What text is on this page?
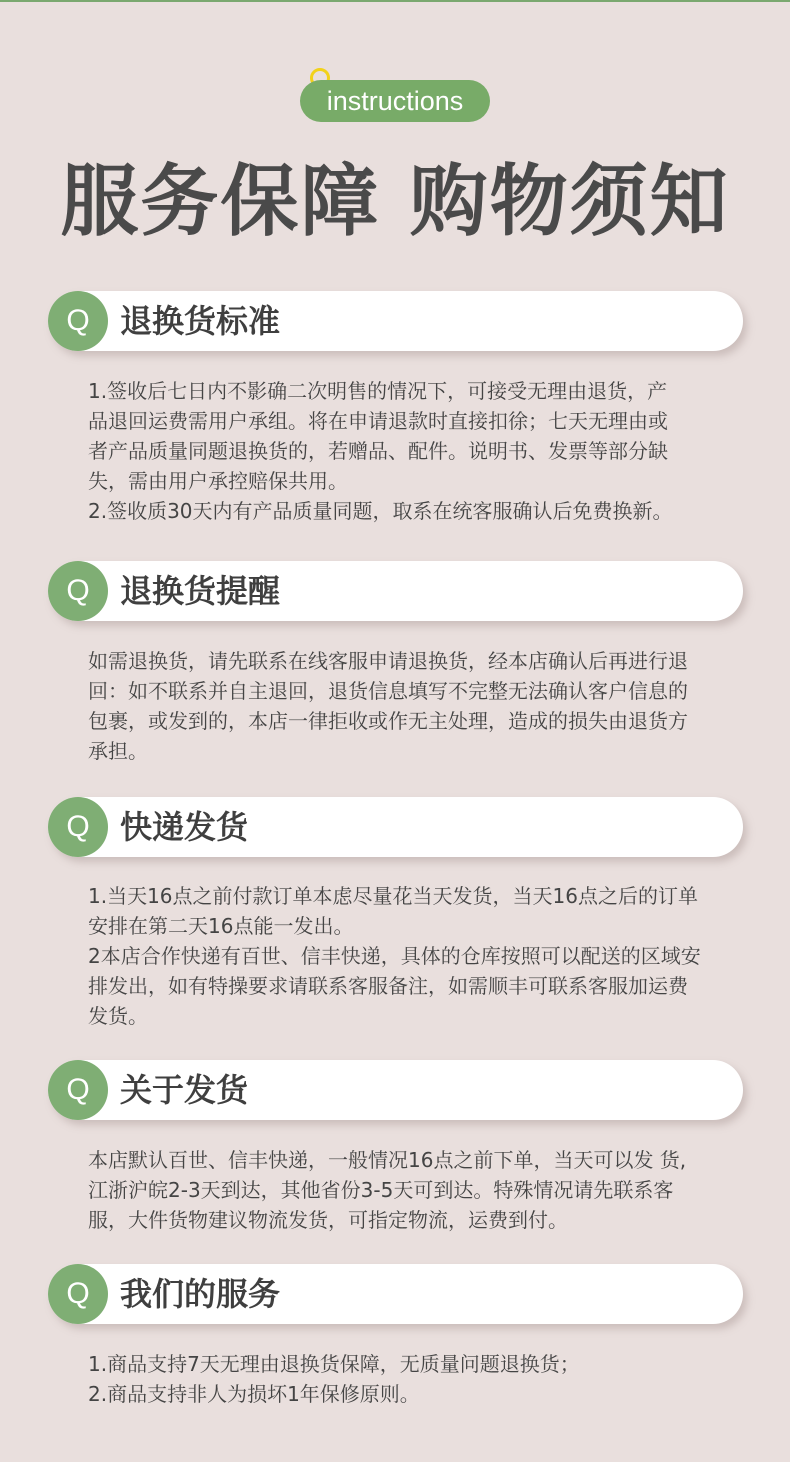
instructions
服务保障 购物须知
Q 退换货标准

1.签收后七日内不影确二次明售的情况下，可接受无理由退货，产

品退回运费需用户承组。将在申请退款时直接扣徐；七天无理由或

者产品质量同题退换货的，若赠品、配件。说明书、发票等部分缺

失，需由用户承控赔保共用。

2.签收质30天内有产品质量同题，取系在统客服确认后免费换新。

Q 退换货提醒

如需退换货，请先联系在线客服申请退换货，经本店确认后再进行退

回：如不联系并自主退回，退货信息填写不完整无法确认客户信息的

包裹，或发到的，本店一律拒收或作无主处理，造成的损失由退货方

承担。

Q 快递发货

1.当天16点之前付款订单本虑尽量花当天发货，当天16点之后的订单

安排在第二天16点能一发出。

2本店合作快递有百世、信丰快递，具体的仓库按照可以配送的区域安

排发出，如有特操要求请联系客服备注，如需顺丰可联系客服加运费

发货。

Q 关于发货

本店默认百世、信丰快递，一般情况16点之前下单，当天可以发 货,

江浙沪皖2-3天到达，其他省份3-5天可到达。特殊情况请先联系客

服，大件货物建议物流发货，可指定物流，运费到付。

Q 我们的服务

1.商品支持7天无理由退换货保障，无质量问题退换货；

2.商品支持非人为损坏1年保修原则。
